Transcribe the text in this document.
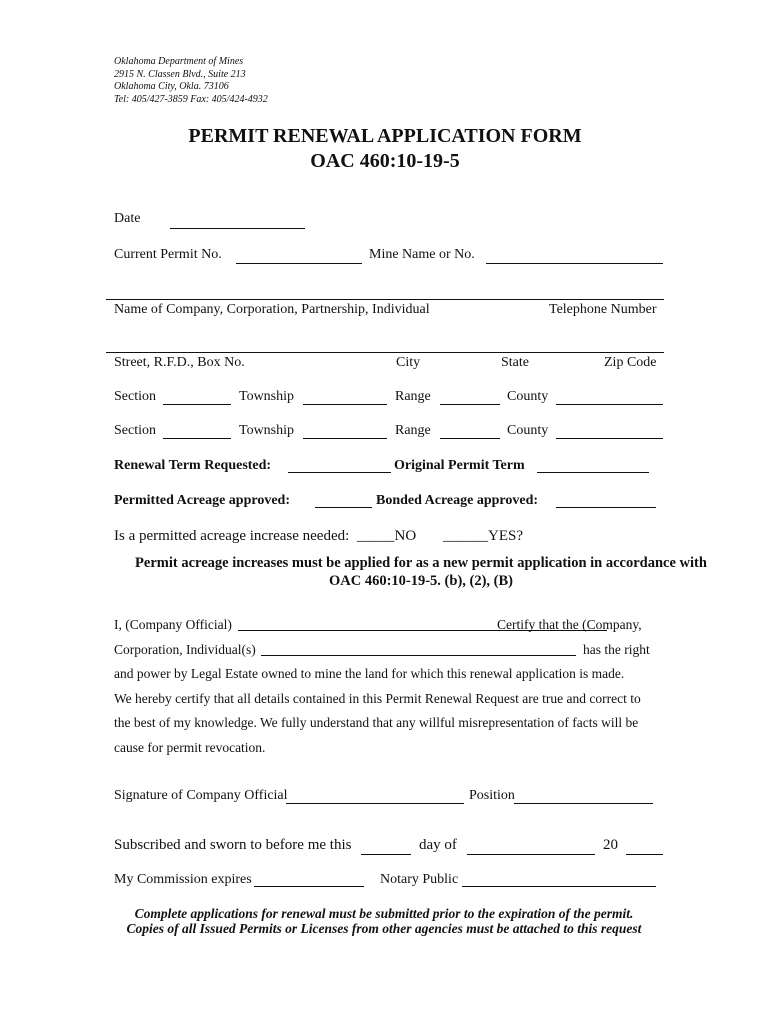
Oklahoma Department of Mines
2915 N. Classen Blvd., Suite 213
Oklahoma City, Okla. 73106
Tel: 405/427-3859 Fax: 405/424-4932
PERMIT RENEWAL APPLICATION FORM
OAC 460:10-19-5
Date
Current Permit No.	Mine Name or No.
Name of Company, Corporation, Partnership, Individual	Telephone Number
Street, R.F.D., Box No.	City	State	Zip Code
Section	Township	Range	County
Section	Township	Range	County
Renewal Term Requested:	Original Permit Term
Permitted Acreage approved:	Bonded Acreage approved:
Is a permitted acreage increase needed: _____NO ______YES?
Permit acreage increases must be applied for as a new permit application in accordance with
OAC 460:10-19-5. (b), (2), (B)
I, (Company Official)	Certify that the (Company,
Corporation, Individual(s)	has the right
and power by Legal Estate owned to mine the land for which this renewal application is made.
We hereby certify that all details contained in this Permit Renewal Request are true and correct to
the best of my knowledge. We fully understand that any willful misrepresentation of facts will be
cause for permit revocation.
Signature of Company Official	Position
Subscribed and sworn to before me this	day of	20
My Commission expires	Notary Public
Complete applications for renewal must be submitted prior to the expiration of the permit.
Copies of all Issued Permits or Licenses from other agencies must be attached to this request
